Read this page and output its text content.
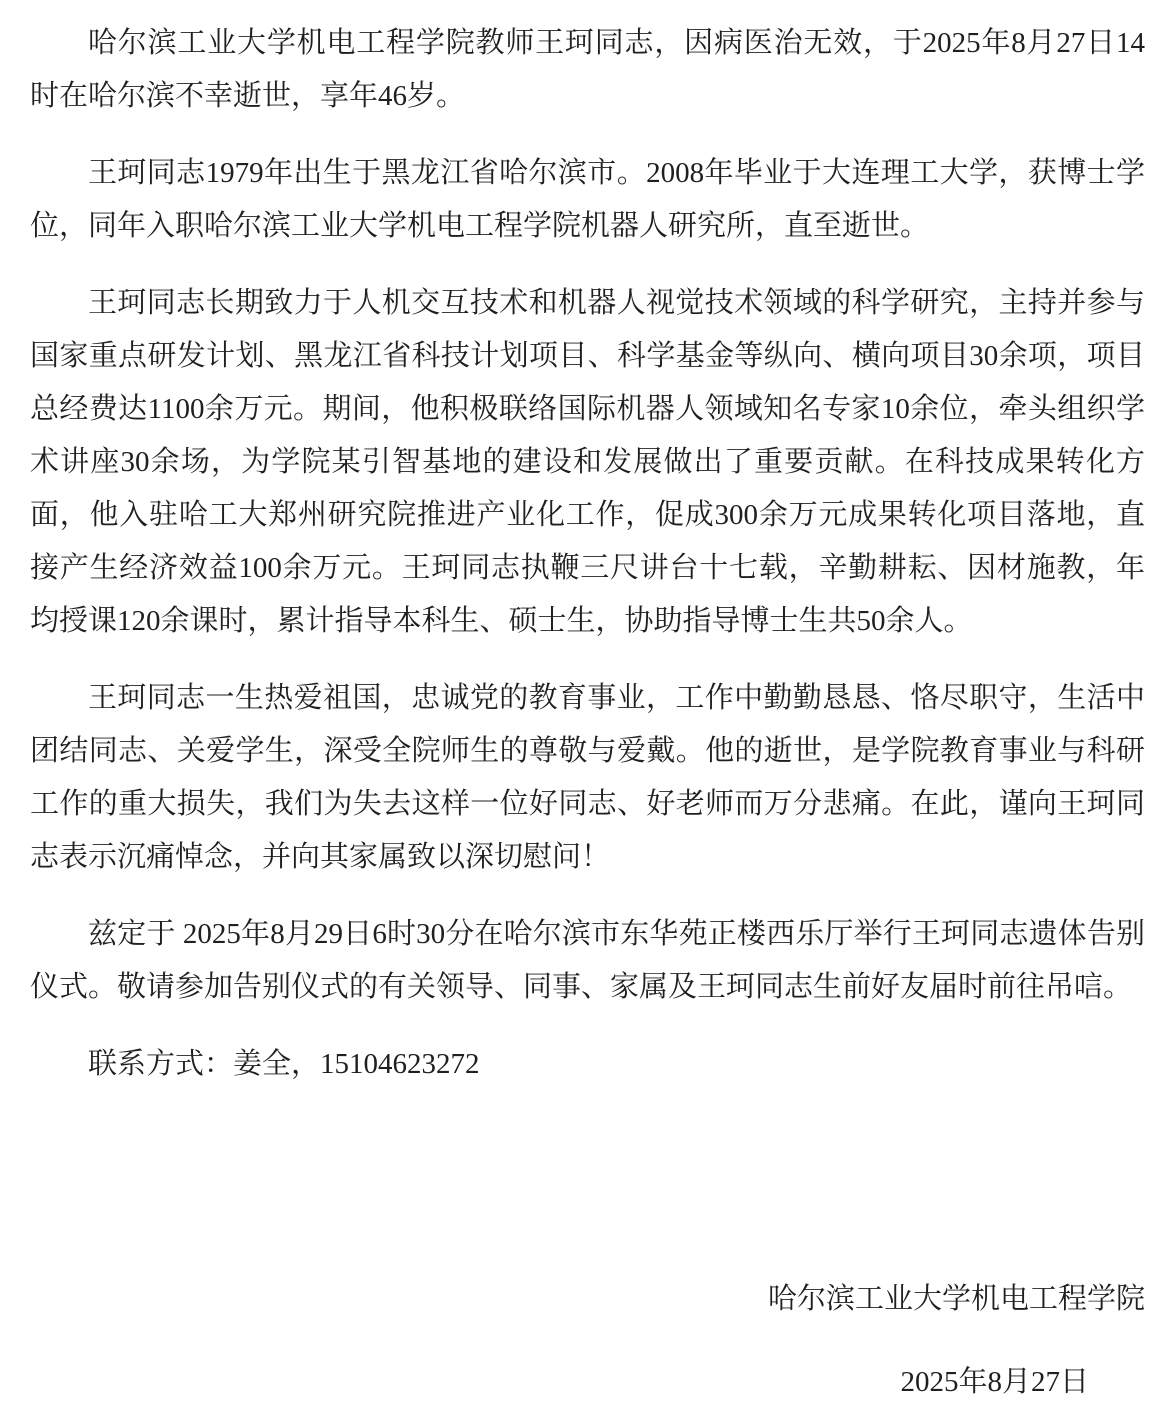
哈尔滨工业大学机电工程学院教师王珂同志，因病医治无效，于2025年8月27日14时在哈尔滨不幸逝世，享年46岁。

王珂同志1979年出生于黑龙江省哈尔滨市。2008年毕业于大连理工大学，获博士学位，同年入职哈尔滨工业大学机电工程学院机器人研究所，直至逝世。

王珂同志长期致力于人机交互技术和机器人视觉技术领域的科学研究，主持并参与国家重点研发计划、黑龙江省科技计划项目、科学基金等纵向、横向项目30余项，项目总经费达1100余万元。期间，他积极联络国际机器人领域知名专家10余位，牵头组织学术讲座30余场，为学院某引智基地的建设和发展做出了重要贡献。在科技成果转化方面，他入驻哈工大郑州研究院推进产业化工作，促成300余万元成果转化项目落地，直接产生经济效益100余万元。王珂同志执鞭三尺讲台十七载，辛勤耕耘、因材施教，年均授课120余课时，累计指导本科生、硕士生，协助指导博士生共50余人。

王珂同志一生热爱祖国，忠诚党的教育事业，工作中勤勤恳恳、恪尽职守，生活中团结同志、关爱学生，深受全院师生的尊敬与爱戴。他的逝世，是学院教育事业与科研工作的重大损失，我们为失去这样一位好同志、好老师而万分悲痛。在此，谨向王珂同志表示沉痛悼念，并向其家属致以深切慰问！

兹定于 2025年8月29日6时30分在哈尔滨市东华苑正楼西乐厅举行王珂同志遗体告别仪式。敬请参加告别仪式的有关领导、同事、家属及王珂同志生前好友届时前往吊唁。

联系方式：姜全，15104623272

哈尔滨工业大学机电工程学院

2025年8月27日
